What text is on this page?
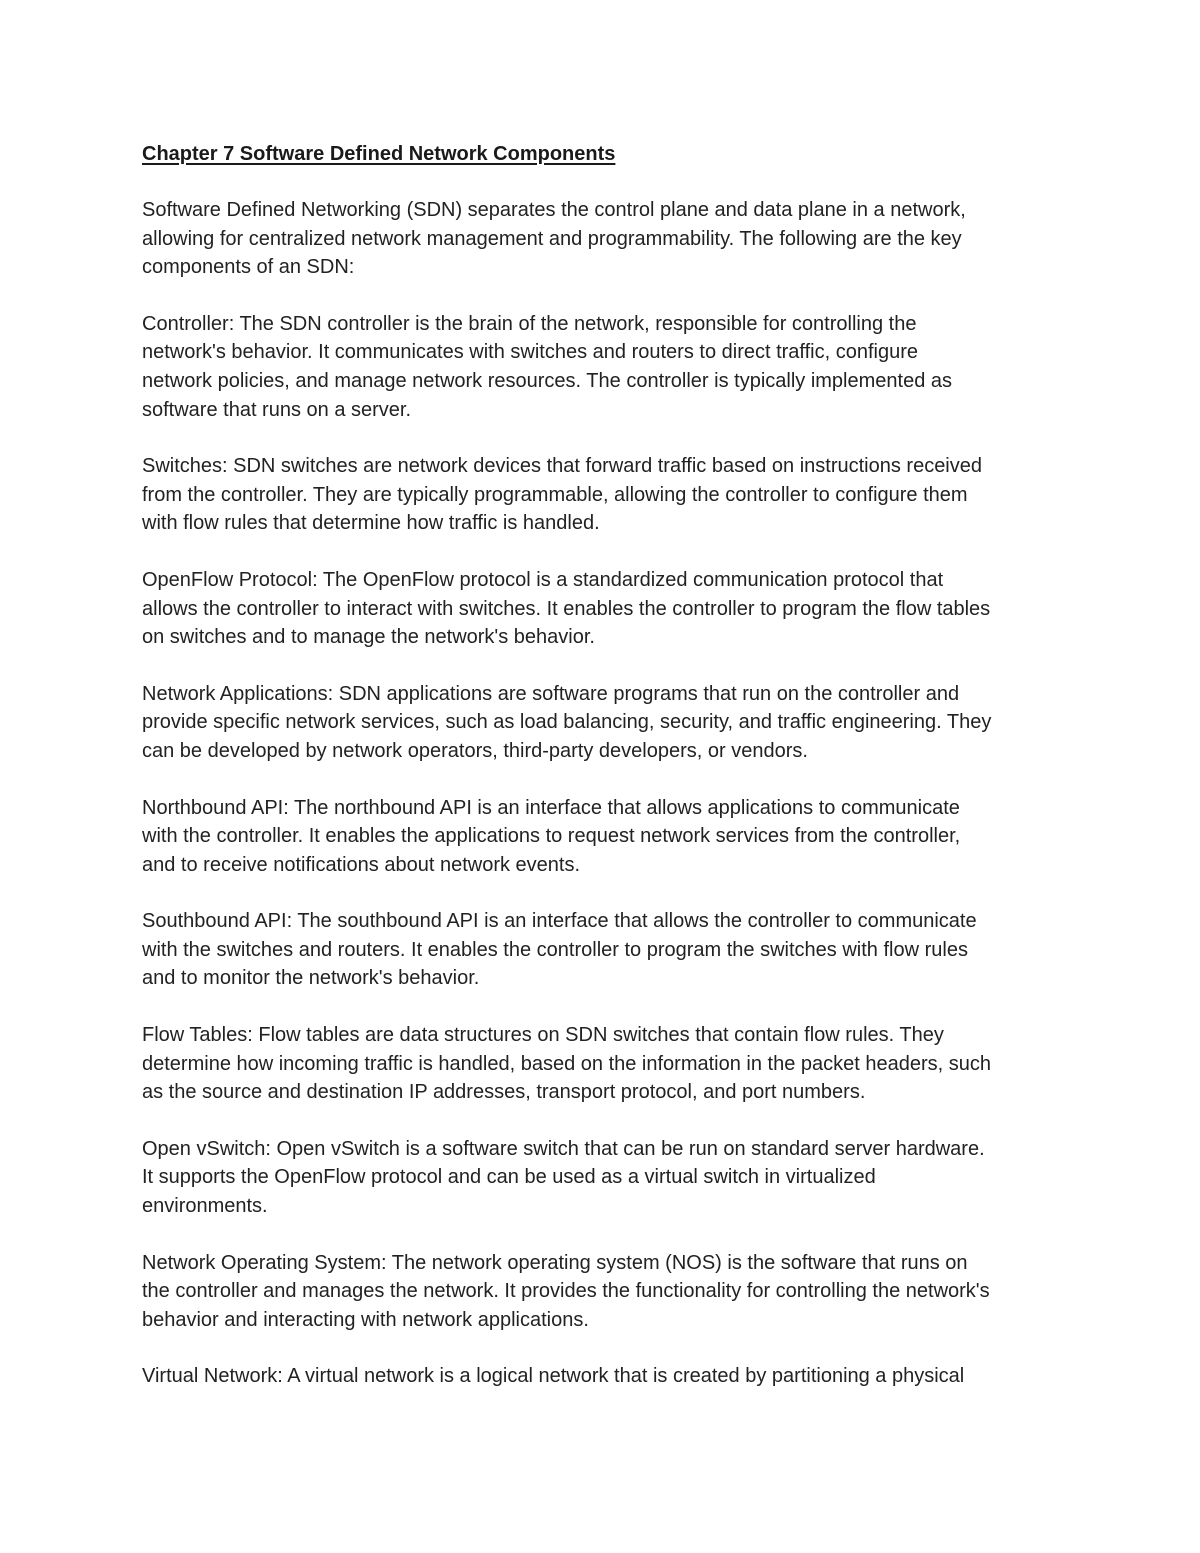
Chapter 7 Software Defined Network Components

Software Defined Networking (SDN) separates the control plane and data plane in a network,
allowing for centralized network management and programmability. The following are the key
components of an SDN:

Controller: The SDN controller is the brain of the network, responsible for controlling the
network's behavior. It communicates with switches and routers to direct traffic, configure
network policies, and manage network resources. The controller is typically implemented as
software that runs on a server.

Switches: SDN switches are network devices that forward traffic based on instructions received
from the controller. They are typically programmable, allowing the controller to configure them
with flow rules that determine how traffic is handled.

OpenFlow Protocol: The OpenFlow protocol is a standardized communication protocol that
allows the controller to interact with switches. It enables the controller to program the flow tables
on switches and to manage the network's behavior.

Network Applications: SDN applications are software programs that run on the controller and
provide specific network services, such as load balancing, security, and traffic engineering. They
can be developed by network operators, third-party developers, or vendors.

Northbound API: The northbound API is an interface that allows applications to communicate
with the controller. It enables the applications to request network services from the controller,
and to receive notifications about network events.

Southbound API: The southbound API is an interface that allows the controller to communicate
with the switches and routers. It enables the controller to program the switches with flow rules
and to monitor the network's behavior.

Flow Tables: Flow tables are data structures on SDN switches that contain flow rules. They
determine how incoming traffic is handled, based on the information in the packet headers, such
as the source and destination IP addresses, transport protocol, and port numbers.

Open vSwitch: Open vSwitch is a software switch that can be run on standard server hardware.
It supports the OpenFlow protocol and can be used as a virtual switch in virtualized
environments.

Network Operating System: The network operating system (NOS) is the software that runs on
the controller and manages the network. It provides the functionality for controlling the network's
behavior and interacting with network applications.

Virtual Network: A virtual network is a logical network that is created by partitioning a physical
